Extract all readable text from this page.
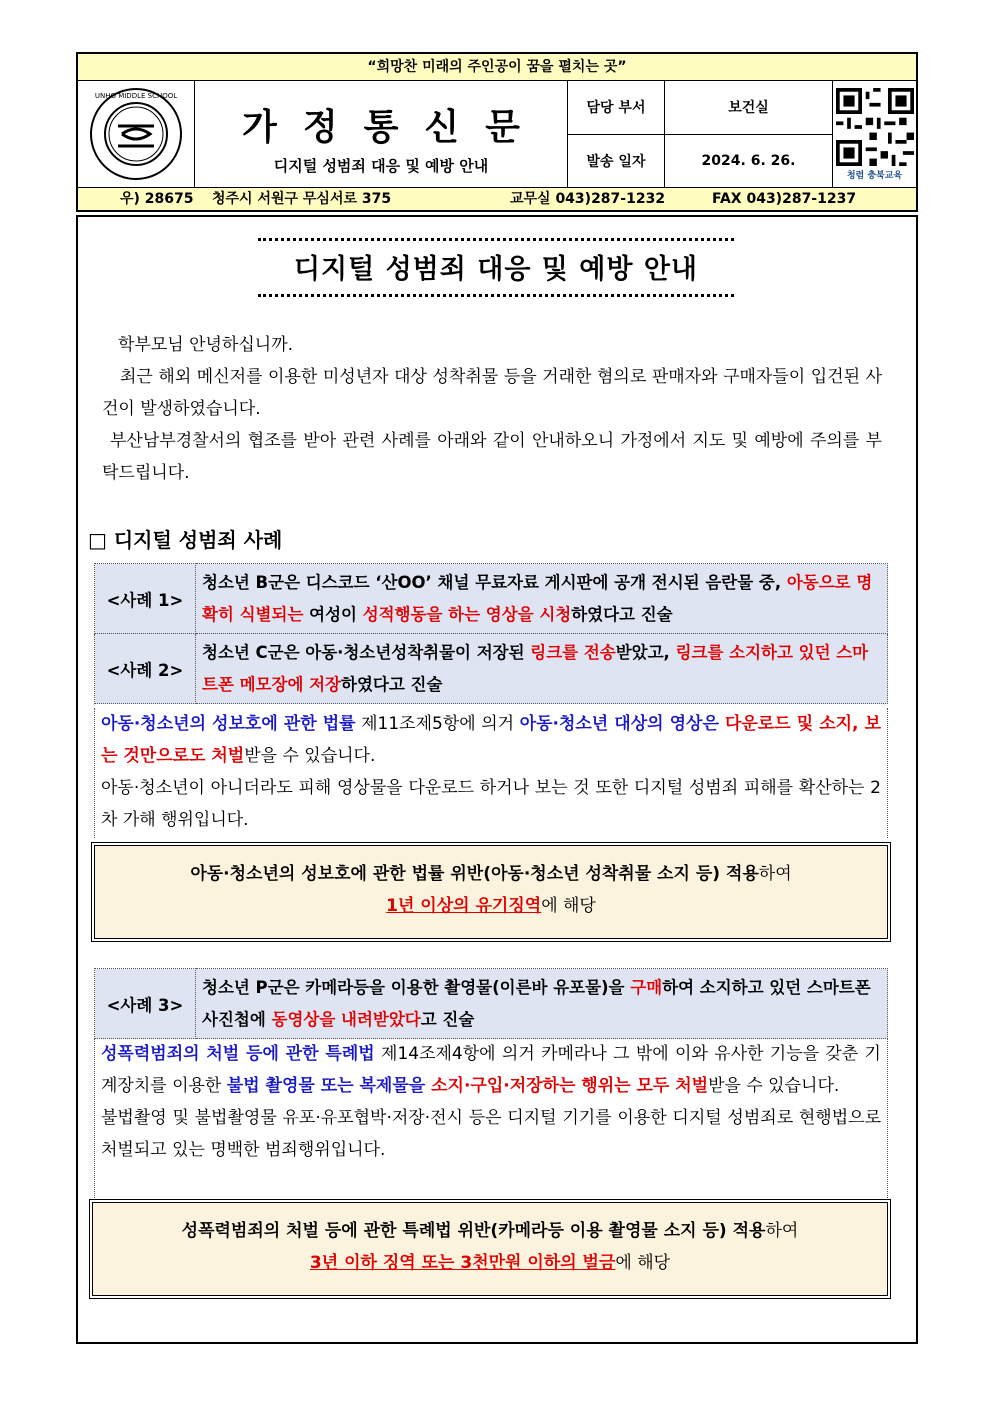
“희망찬 미래의 주인공이 꿈을 펼치는 곳”
UNHO MIDDLE SCHOOL
가정통신문
디지털 성범죄 대응 및 예방 안내
담당 부서	보건실
발송 일자	2024. 6. 26.
청렴 충북교육
우) 28675 청주시 서원구 무심서로 375	교무실 043)287-1232	FAX 043)287-1237
디지털 성범죄 대응 및 예방 안내
학부모님 안녕하십니까.
최근 해외 메신저를 이용한 미성년자 대상 성착취물 등을 거래한 혐의로 판매자와 구매자들이 입건된 사건이 발생하였습니다.
부산남부경찰서의 협조를 받아 관련 사례를 아래와 같이 안내하오니 가정에서 지도 및 예방에 주의를 부탁드립니다.
□ 디지털 성범죄 사례
<사례 1>	청소년 B군은 디스코드 ‘산OO’ 채널 무료자료 게시판에 공개 전시된 음란물 중, 아동으로 명확히 식별되는 여성이 성적행동을 하는 영상을 시청하였다고 진술
<사례 2>	청소년 C군은 아동·청소년성착취물이 저장된 링크를 전송받았고, 링크를 소지하고 있던 스마트폰 메모장에 저장하였다고 진술
아동·청소년의 성보호에 관한 법률 제11조제5항에 의거 아동·청소년 대상의 영상은 다운로드 및 소지, 보는 것만으로도 처벌받을 수 있습니다.
아동·청소년이 아니더라도 피해 영상물을 다운로드 하거나 보는 것 또한 디지털 성범죄 피해를 확산하는 2차 가해 행위입니다.
아동·청소년의 성보호에 관한 법률 위반(아동·청소년 성착취물 소지 등) 적용하여
1년 이상의 유기징역에 해당
<사례 3>	청소년 P군은 카메라등을 이용한 촬영물(이른바 유포물)을 구매하여 소지하고 있던 스마트폰 사진첩에 동영상을 내려받았다고 진술
성폭력범죄의 처벌 등에 관한 특례법 제14조제4항에 의거 카메라나 그 밖에 이와 유사한 기능을 갖춘 기계장치를 이용한 불법 촬영물 또는 복제물을 소지·구입·저장하는 행위는 모두 처벌받을 수 있습니다.
불법촬영 및 불법촬영물 유포·유포협박·저장·전시 등은 디지털 기기를 이용한 디지털 성범죄로 현행법으로 처벌되고 있는 명백한 범죄행위입니다.
성폭력범죄의 처벌 등에 관한 특례법 위반(카메라등 이용 촬영물 소지 등) 적용하여
3년 이하 징역 또는 3천만원 이하의 벌금에 해당
